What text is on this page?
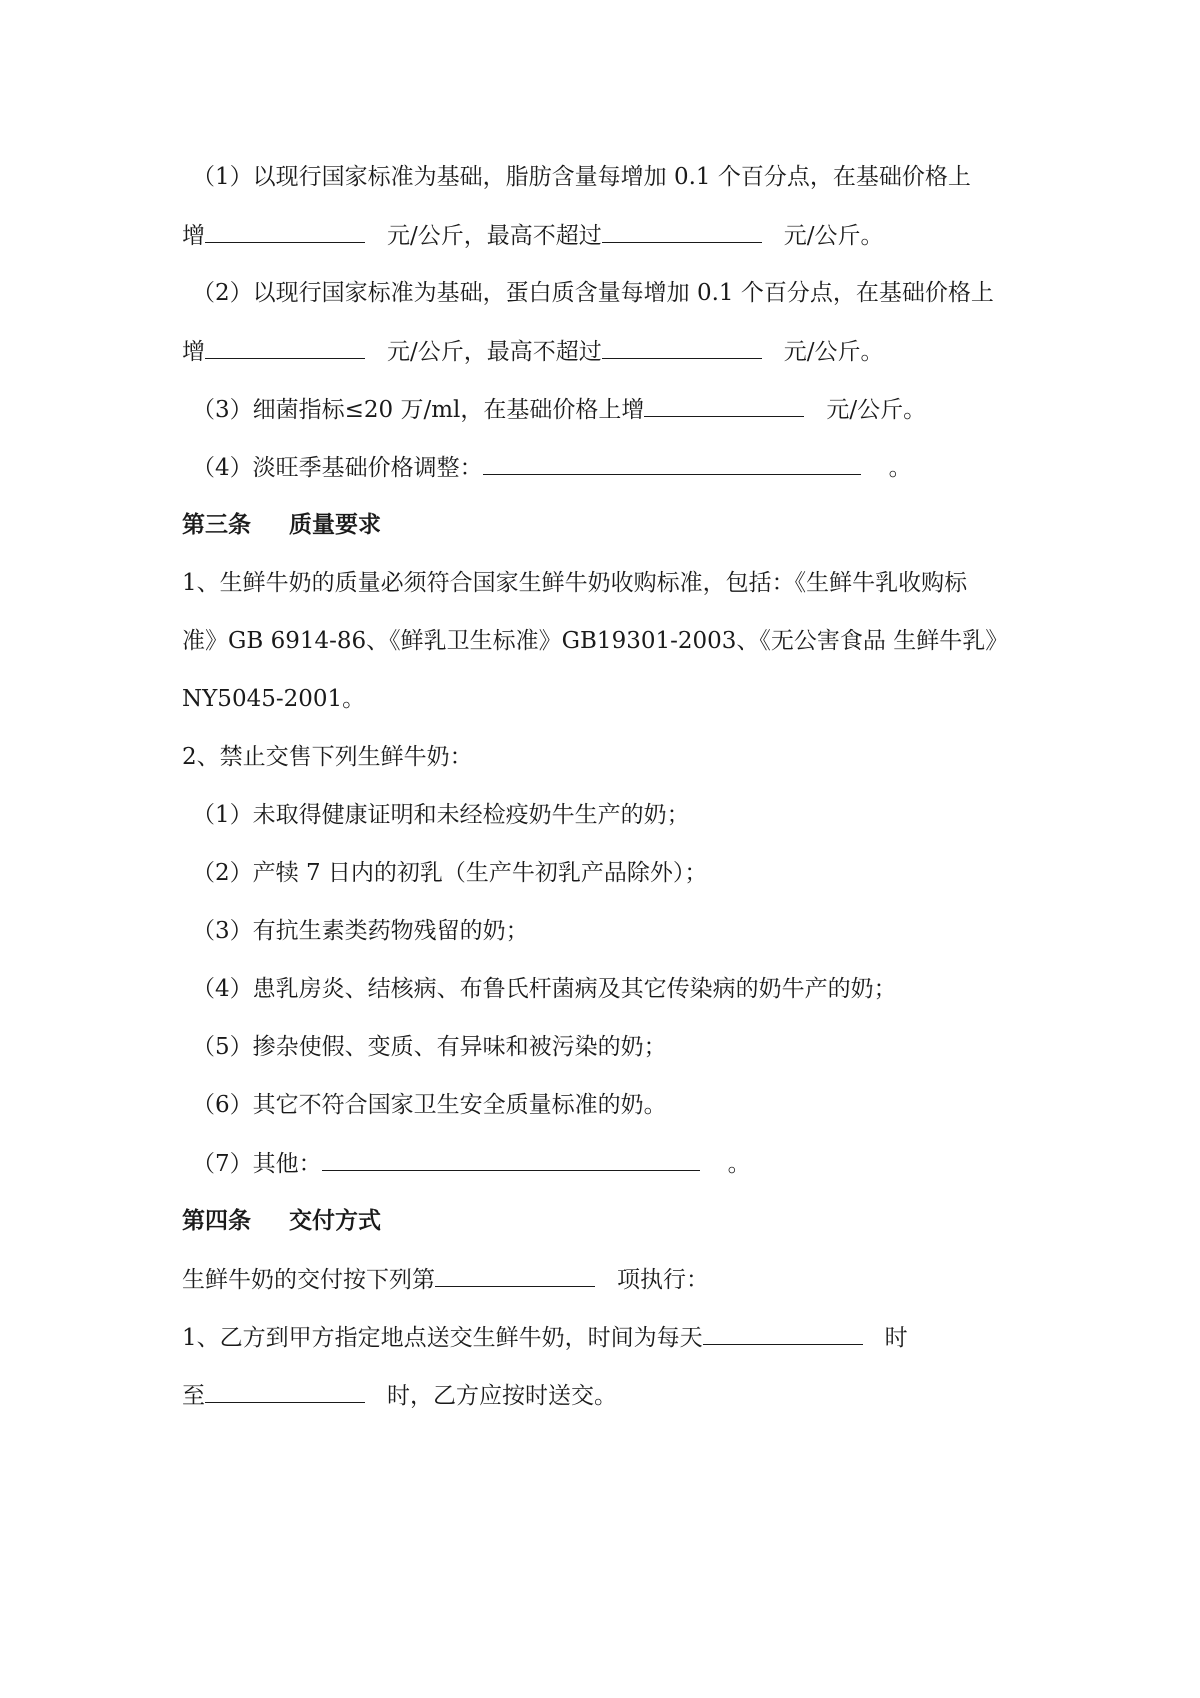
（1）以现行国家标准为基础，脂肪含量每增加 0.1 个百分点，在基础价格上
增	元/公斤，最高不超过	元/公斤。
（2）以现行国家标准为基础，蛋白质含量每增加 0.1 个百分点，在基础价格上
增	元/公斤，最高不超过	元/公斤。
（3）细菌指标≤20 万/ml，在基础价格上增	元/公斤。
（4）淡旺季基础价格调整：	。
第三条 质量要求
1、生鲜牛奶的质量必须符合国家生鲜牛奶收购标准，包括：《生鲜牛乳收购标
准》GB 6914-86、《鲜乳卫生标准》GB19301-2003、《无公害食品 生鲜牛乳》
NY5045-2001。
2、禁止交售下列生鲜牛奶：
（1）未取得健康证明和未经检疫奶牛生产的奶；
（2）产犊 7 日内的初乳（生产牛初乳产品除外）；
（3）有抗生素类药物残留的奶；
（4）患乳房炎、结核病、布鲁氏杆菌病及其它传染病的奶牛产的奶；
（5）掺杂使假、变质、有异味和被污染的奶；
（6）其它不符合国家卫生安全质量标准的奶。
（7）其他：	。
第四条 交付方式
生鲜牛奶的交付按下列第	项执行：
1、乙方到甲方指定地点送交生鲜牛奶，时间为每天	时
至	时，乙方应按时送交。
